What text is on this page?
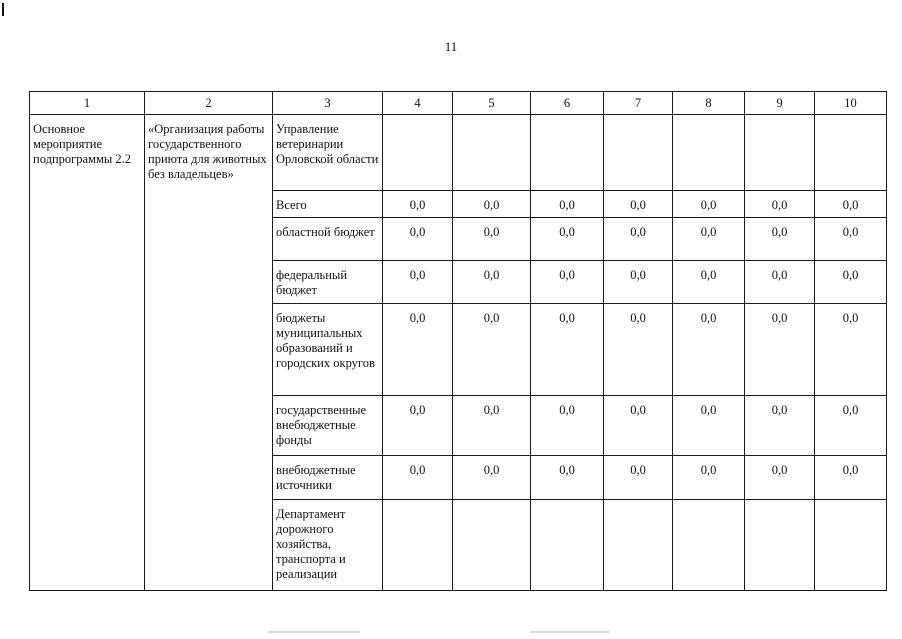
11
1	2	3	4	5	6	7	8	9	10
Основное мероприятие подпрограммы 2.2	«Организация работы государственного приюта для животных без владельцев»	Управление ветеринарии Орловской области							
		Всего	0,0	0,0	0,0	0,0	0,0	0,0	0,0
		областной бюджет	0,0	0,0	0,0	0,0	0,0	0,0	0,0
		федеральный бюджет	0,0	0,0	0,0	0,0	0,0	0,0	0,0
		бюджеты муниципальных образований и городских округов	0,0	0,0	0,0	0,0	0,0	0,0	0,0
		государственные внебюджетные фонды	0,0	0,0	0,0	0,0	0,0	0,0	0,0
		внебюджетные источники	0,0	0,0	0,0	0,0	0,0	0,0	0,0
		Департамент дорожного хозяйства, транспорта и реализации							
